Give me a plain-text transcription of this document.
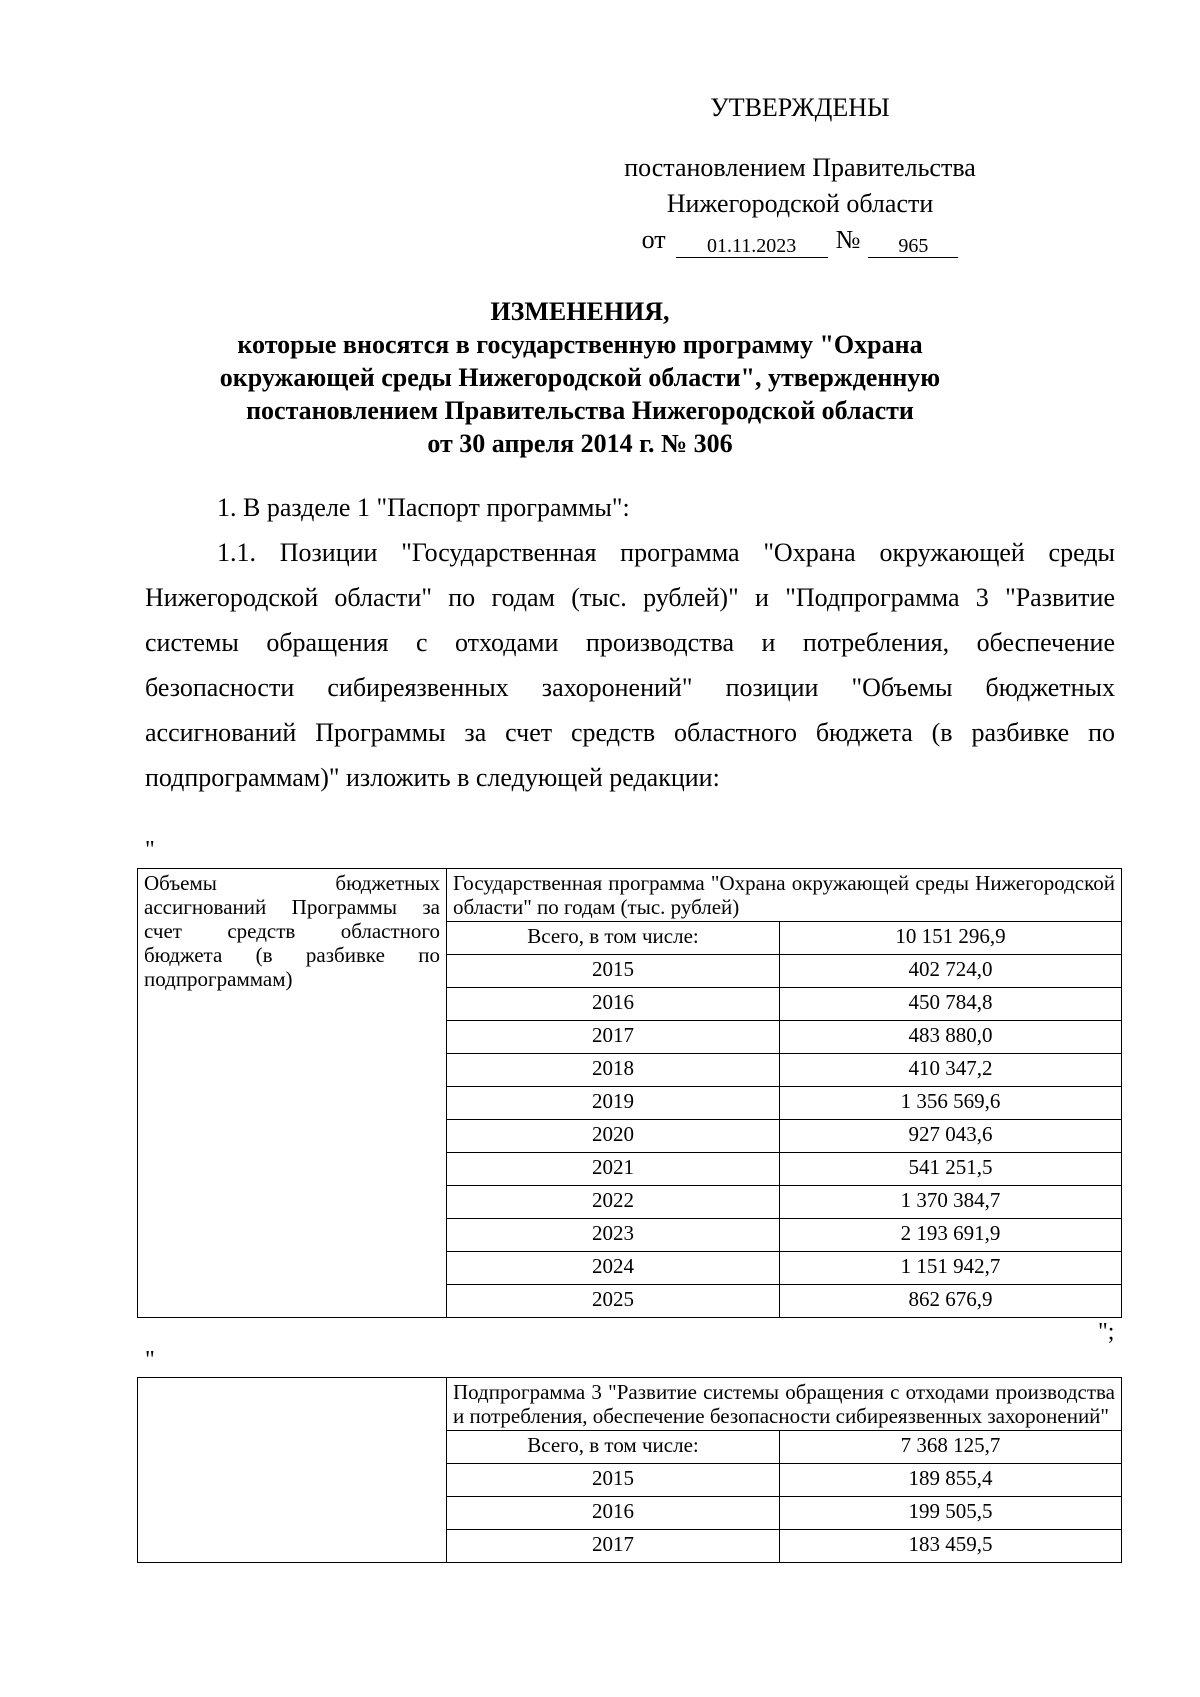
УТВЕРЖДЕНЫ
постановлением Правительства
Нижегородской области
от	01.11.2023	№	965
ИЗМЕНЕНИЯ,
которые вносятся в государственную программу "Охрана
окружающей среды Нижегородской области", утвержденную
постановлением Правительства Нижегородской области
от 30 апреля 2014 г. № 306
1. В разделе 1 "Паспорт программы":
1.1. Позиции "Государственная программа "Охрана окружающей среды Нижегородской области" по годам (тыс. рублей)" и "Подпрограмма 3 "Развитие системы обращения с отходами производства и потребления, обеспечение безопасности сибиреязвенных захоронений" позиции "Объемы бюджетных ассигнований Программы за счет средств областного бюджета (в разбивке по подпрограммам)" изложить в следующей редакции:
"
Объемы бюджетных ассигнований Программы за счет средств областного бюджета (в разбивке по подпрограммам)	Государственная программа "Охрана окружающей среды Нижегородской области" по годам (тыс. рублей)	
	Всего, в том числе:	10 151 296,9
	2015	402 724,0
	2016	450 784,8
	2017	483 880,0
	2018	410 347,2
	2019	1 356 569,6
	2020	927 043,6
	2021	541 251,5
	2022	1 370 384,7
	2023	2 193 691,9
	2024	1 151 942,7
	2025	862 676,9
";
"
	Подпрограмма 3 "Развитие системы обращения с отходами производства и потребления, обеспечение безопасности сибиреязвенных захоронений"	
	Всего, в том числе:	7 368 125,7
	2015	189 855,4
	2016	199 505,5
	2017	183 459,5
